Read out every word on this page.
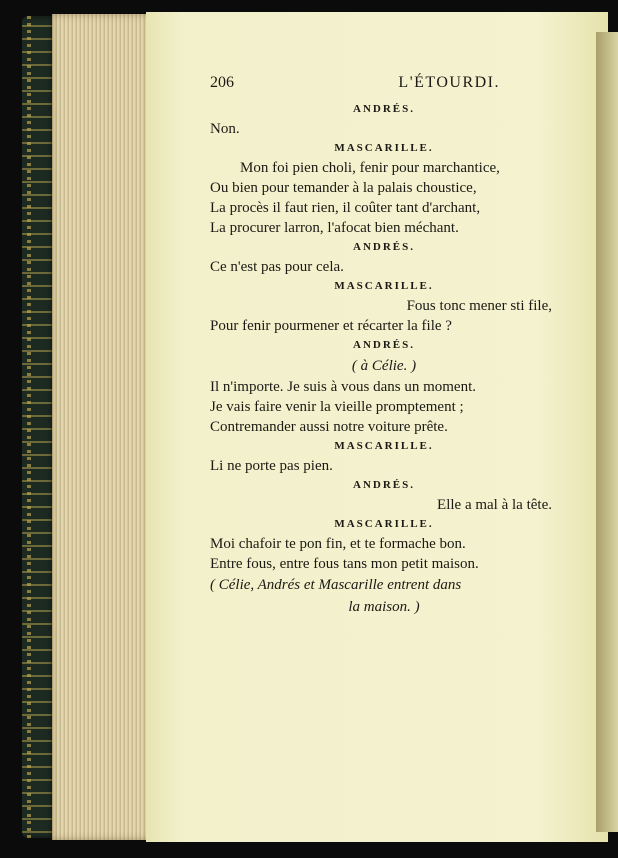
206	L'ÉTOURDI.
ANDRÉS.
Non.
MASCARILLE.
Mon foi pien choli, fenir pour marchantice,
Ou bien pour temander à la palais choustice,
La procès il faut rien, il coûter tant d'archant,
La procurer larron, l'afocat bien méchant.
ANDRÉS.
Ce n'est pas pour cela.
MASCARILLE.
Fous tonc mener sti file,
Pour fenir pourmener et récarter la file ?
ANDRÉS.
( à Célie. )
Il n'importe. Je suis à vous dans un moment.
Je vais faire venir la vieille promptement ;
Contremander aussi notre voiture prête.
MASCARILLE.
Li ne porte pas pien.
ANDRÉS.
Elle a mal à la tête.
MASCARILLE.
Moi chafoir te pon fin, et te formache bon.
Entre fous, entre fous tans mon petit maison.
( Célie, Andrés et Mascarille entrent dans
la maison. )
